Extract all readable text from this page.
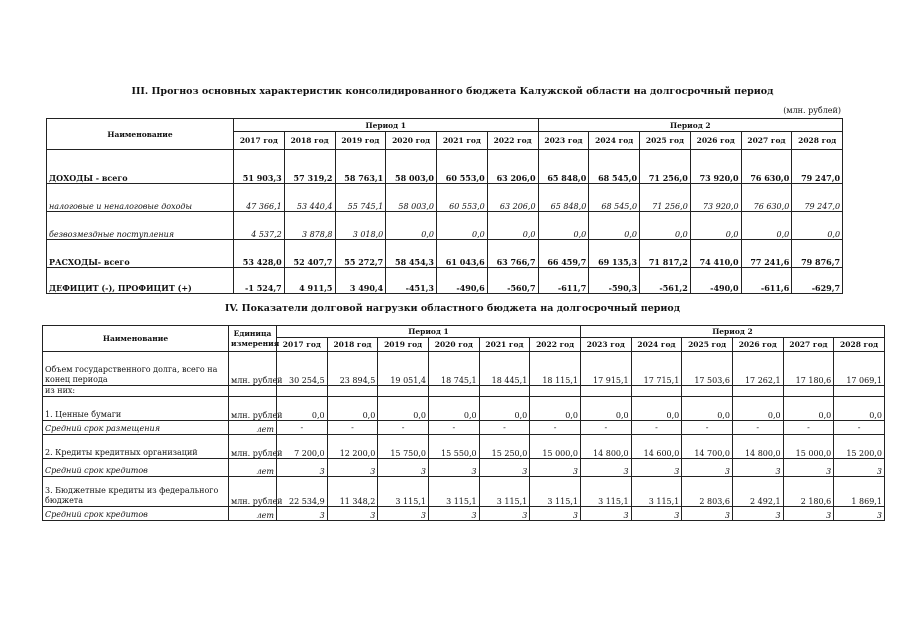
III. Прогноз основных характеристик консолидированного бюджета Калужской области на долгосрочный период
(млн. рублей)
Наименование	Период 1						Период 2					
	2017 год	2018 год	2019 год	2020 год	2021 год	2022 год	2023 год	2024 год	2025 год	2026 год	2027 год	2028 год
ДОХОДЫ - всего	51 903,3	57 319,2	58 763,1	58 003,0	60 553,0	63 206,0	65 848,0	68 545,0	71 256,0	73 920,0	76 630,0	79 247,0
налоговые и неналоговые доходы	47 366,1	53 440,4	55 745,1	58 003,0	60 553,0	63 206,0	65 848,0	68 545,0	71 256,0	73 920,0	76 630,0	79 247,0
безвозмездные поступления	4 537,2	3 878,8	3 018,0	0,0	0,0	0,0	0,0	0,0	0,0	0,0	0,0	0,0
РАСХОДЫ- всего	53 428,0	52 407,7	55 272,7	58 454,3	61 043,6	63 766,7	66 459,7	69 135,3	71 817,2	74 410,0	77 241,6	79 876,7
ДЕФИЦИТ (-), ПРОФИЦИТ (+)	-1 524,7	4 911,5	3 490,4	-451,3	-490,6	-560,7	-611,7	-590,3	-561,2	-490,0	-611,6	-629,7
IV. Показатели долговой нагрузки областного бюджета на долгосрочный период
Наименование	Единица измерения	Период 1						Период 2					
		2017 год	2018 год	2019 год	2020 год	2021 год	2022 год	2023 год	2024 год	2025 год	2026 год	2027 год	2028 год
Объем государственного долга, всего на конец периода	млн. рублей	30 254,5	23 894,5	19 051,4	18 745,1	18 445,1	18 115,1	17 915,1	17 715,1	17 503,6	17 262,1	17 180,6	17 069,1
из них:													
1. Ценные бумаги	млн. рублей	0,0	0,0	0,0	0,0	0,0	0,0	0,0	0,0	0,0	0,0	0,0	0,0
Средний срок размещения	лет	-	-	-	-	-	-	-	-	-	-	-	-
2. Кредиты кредитных организаций	млн. рублей	7 200,0	12 200,0	15 750,0	15 550,0	15 250,0	15 000,0	14 800,0	14 600,0	14 700,0	14 800,0	15 000,0	15 200,0
Средний срок кредитов	лет	3	3	3	3	3	3	3	3	3	3	3	3
3. Бюджетные кредиты из федерального бюджета	млн. рублей	22 534,9	11 348,2	3 115,1	3 115,1	3 115,1	3 115,1	3 115,1	3 115,1	2 803,6	2 492,1	2 180,6	1 869,1
Средний срок кредитов	лет	3	3	3	3	3	3	3	3	3	3	3	3
